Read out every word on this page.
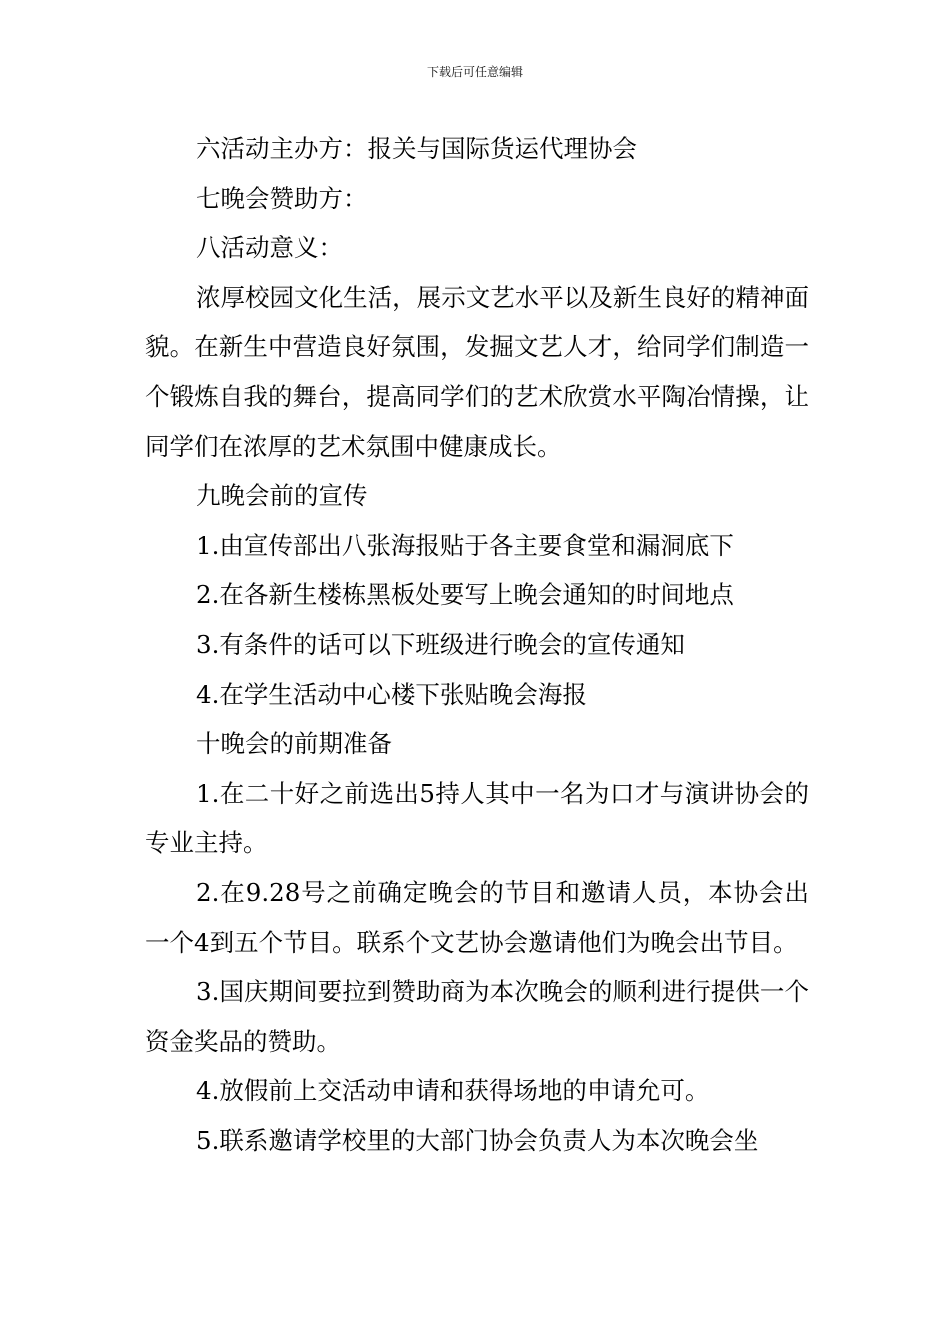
下载后可任意编辑

六活动主办方：报关与国际货运代理协会

七晚会赞助方：

八活动意义：

浓厚校园文化生活，展示文艺水平以及新生良好的精神面貌。在新生中营造良好氛围，发掘文艺人才，给同学们制造一个锻炼自我的舞台，提高同学们的艺术欣赏水平陶冶情操，让同学们在浓厚的艺术氛围中健康成长。

九晚会前的宣传

1.由宣传部出八张海报贴于各主要食堂和漏洞底下

2.在各新生楼栋黑板处要写上晚会通知的时间地点

3.有条件的话可以下班级进行晚会的宣传通知

4.在学生活动中心楼下张贴晚会海报

十晚会的前期准备

1.在二十好之前选出5持人其中一名为口才与演讲协会的专业主持。

2.在9.28号之前确定晚会的节目和邀请人员，本协会出一个4到五个节目。联系个文艺协会邀请他们为晚会出节目。

3.国庆期间要拉到赞助商为本次晚会的顺利进行提供一个资金奖品的赞助。

4.放假前上交活动申请和获得场地的申请允可。

5.联系邀请学校里的大部门协会负责人为本次晚会坐
